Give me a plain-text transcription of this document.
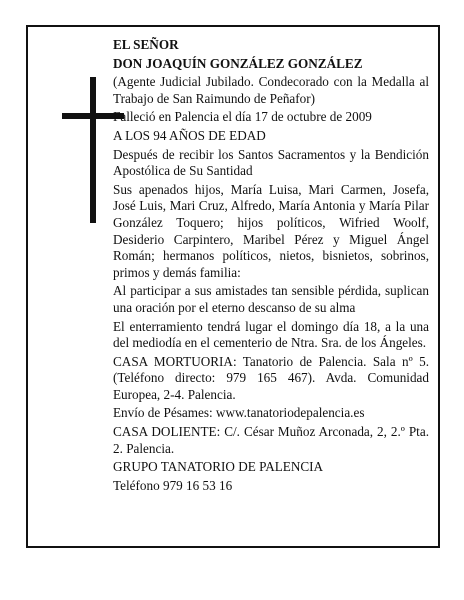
EL SEÑOR

DON JOAQUÍN GONZÁLEZ GONZÁLEZ

(Agente Judicial Jubilado. Condecorado con la Medalla al Trabajo de San Raimundo de Peñafor)

Falleció en Palencia el día 17 de octubre de 2009

A LOS 94 AÑOS DE EDAD

Después de recibir los Santos Sacramentos y la Bendición Apostólica de Su Santidad

Sus apenados hijos, María Luisa, Mari Carmen, Josefa, José Luis, Mari Cruz, Alfredo, María Antonia y María Pilar González Toquero; hijos políticos, Wifried Woolf, Desiderio Carpintero, Maribel Pérez y Miguel Ángel Román; hermanos políticos, nietos, bisnietos, sobrinos, primos y demás familia:

Al participar a sus amistades tan sensible pérdida, suplican una oración por el eterno descanso de su alma

El enterramiento tendrá lugar el domingo día 18, a la una del mediodía en el cementerio de Ntra. Sra. de los Ángeles.

CASA MORTUORIA: Tanatorio de Palencia. Sala nº 5. (Teléfono directo: 979 165 467). Avda. Comunidad Europea, 2-4. Palencia.

Envío de Pésames: www.tanatoriodepalencia.es

CASA DOLIENTE: C/. César Muñoz Arconada, 2, 2.º Pta. 2. Palencia.

GRUPO TANATORIO DE PALENCIA

Teléfono 979 16 53 16
